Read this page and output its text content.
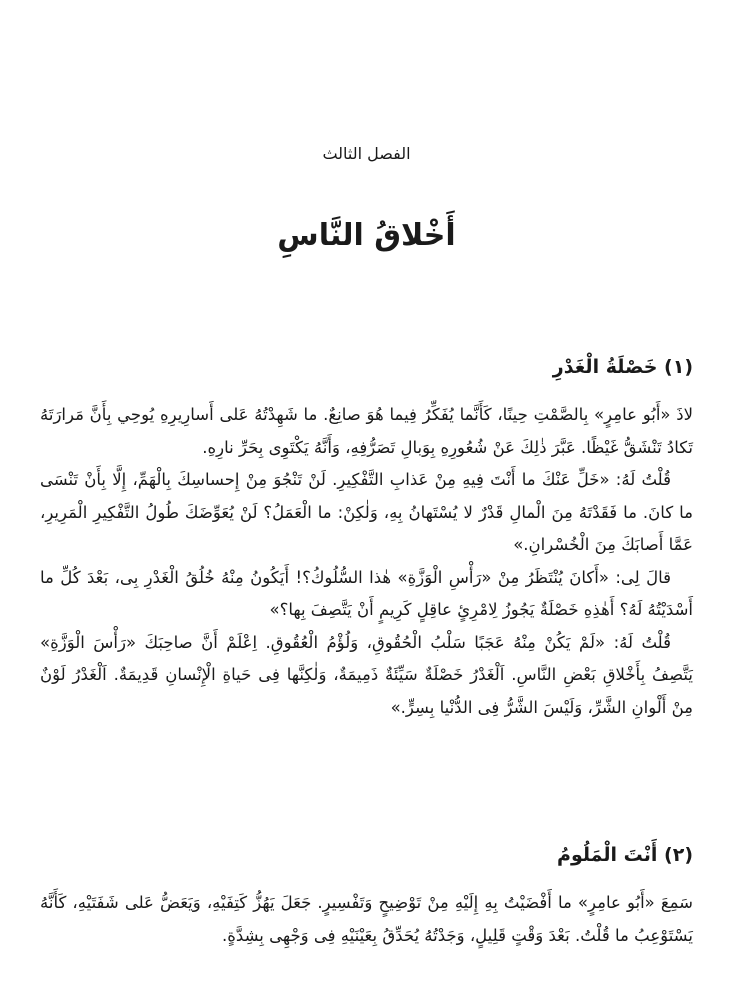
الفصل الثالث
أَخْلاقُ النَّاسِ
(١) خَصْلَةُ الْغَدْرِ

لاذَ «أَبُو عامِرٍ» بِالصَّمْتِ حِينًا، كَأَنَّما يُفَكِّرُ فِيما هُوَ صانِعٌ. ما شَهِدْتُهُ عَلى أَسارِيرِهِ يُوحِي بِأَنَّ مَرارَتَهُ تَكادُ تَنْشَقُّ غَيْظًا. عَبَّرَ ذٰلِكَ عَنْ شُعُورِهِ بِوَبالِ تَصَرُّفِهِ، وَأَنَّهُ يَكْتَوِى بِحَرِّ نارِهِ.

قُلْتُ لَهُ: «خَلِّ عَنْكَ ما أَنْتَ فِيهِ مِنْ عَذابِ التَّفْكِيرِ. لَنْ تَنْجُوَ مِنْ إِحساسِكَ بِالْهَمِّ، إِلَّا بِأَنْ تَنْسَى ما كانَ. ما فَقَدْتَهُ مِنَ الْمالِ قَدْرٌ لا يُسْتَهانُ بِهِ، وَلٰكِنْ: ما الْعَمَلُ؟ لَنْ يُعَوِّضَكَ طُولُ التَّفْكِيرِ الْمَرِيرِ، عَمَّا أَصابَكَ مِنَ الْخُسْرانِ.»

قالَ لِى: «أَكانَ يُنْتَظَرُ مِنْ «رَأْسِ الْوَزَّةِ» هٰذا السُّلُوكُ؟! أَيَكُونُ مِنْهُ خُلُقُ الْغَدْرِ بِى، بَعْدَ كُلِّ ما أَسْدَيْتُهُ لَهُ؟ أَهٰذِهِ خَصْلَةٌ يَجُوزُ لِامْرِئٍ عاقِلٍ كَرِيمٍ أَنْ يَتَّصِفَ بِها؟»

قُلْتُ لَهُ: «لَمْ يَكُنْ مِنْهُ عَجَبًا سَلْبُ الْحُقُوقِ، وَلُؤْمُ الْعُقُوقِ. اِعْلَمْ أَنَّ صاحِبَكَ «رَأْسَ الْوَزَّةِ» يَتَّصِفُ بِأَخْلاقِ بَعْضِ النَّاسِ. اَلْغَدْرُ خَصْلَةٌ سَيِّئَةٌ ذَمِيمَةٌ، وَلٰكِنَّها فِى حَياةِ الْإِنْسانِ قَدِيمَةٌ. اَلْغَدْرُ لَوْنٌ مِنْ أَلْوانِ الشَّرِّ، وَلَيْسَ الشَّرُّ فِى الدُّنْيا بِسِرٍّ.»

(٢) أَنْتَ الْمَلُومُ

سَمِعَ «أَبُو عامِرٍ» ما أَفْضَيْتُ بِهِ إِلَيْهِ مِنْ تَوْضِيحٍ وَتَفْسِيرٍ. جَعَلَ يَهُزُّ كَتِفَيْهِ، وَيَعَضُّ عَلى شَفَتَيْهِ، كَأَنَّهُ يَسْتَوْعِبُ ما قُلْتُ. بَعْدَ وَقْتٍ قَلِيلٍ، وَجَدْتُهُ يُحَدِّقُ بِعَيْنَيْهِ فِى وَجْهِى بِشِدَّةٍ.
